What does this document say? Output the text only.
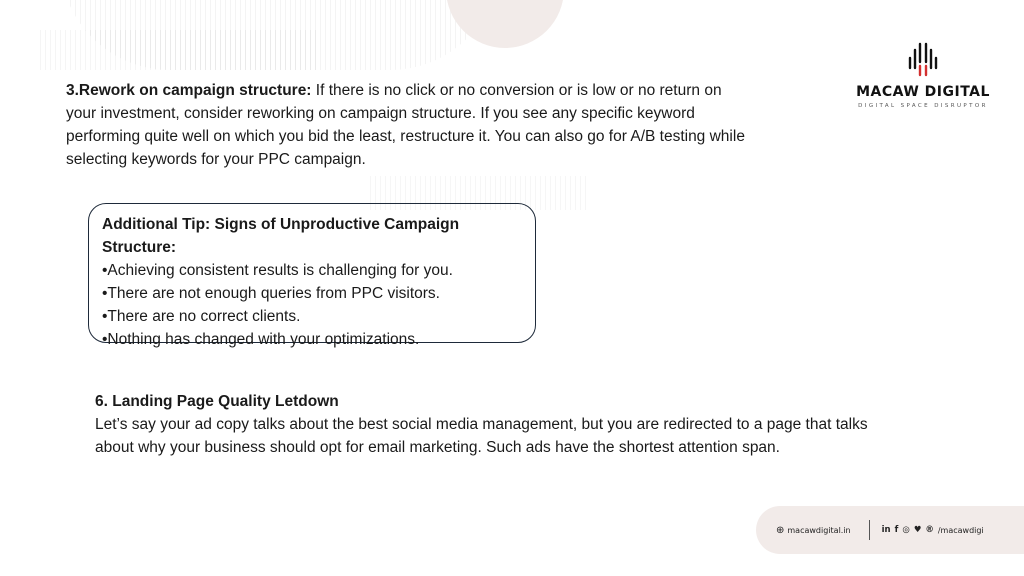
MACAW DIGITAL
DIGITAL SPACE DISRUPTOR
3.Rework on campaign structure: If there is no click or no conversion or is low or no return on your investment, consider reworking on campaign structure. If you see any specific keyword performing quite well on which you bid the least, restructure it. You can also go for A/B testing while selecting keywords for your PPC campaign.
Additional Tip: Signs of Unproductive Campaign Structure:
•Achieving consistent results is challenging for you.
•There are not enough queries from PPC visitors.
•There are no correct clients.
•Nothing has changed with your optimizations.
6. Landing Page Quality Letdown
Let’s say your ad copy talks about the best social media management, but you are redirected to a page that talks about why your business should opt for email marketing. Such ads have the shortest attention span.
⊕ macawdigital.in	in f ◎ ♥ ® /macawdigi
